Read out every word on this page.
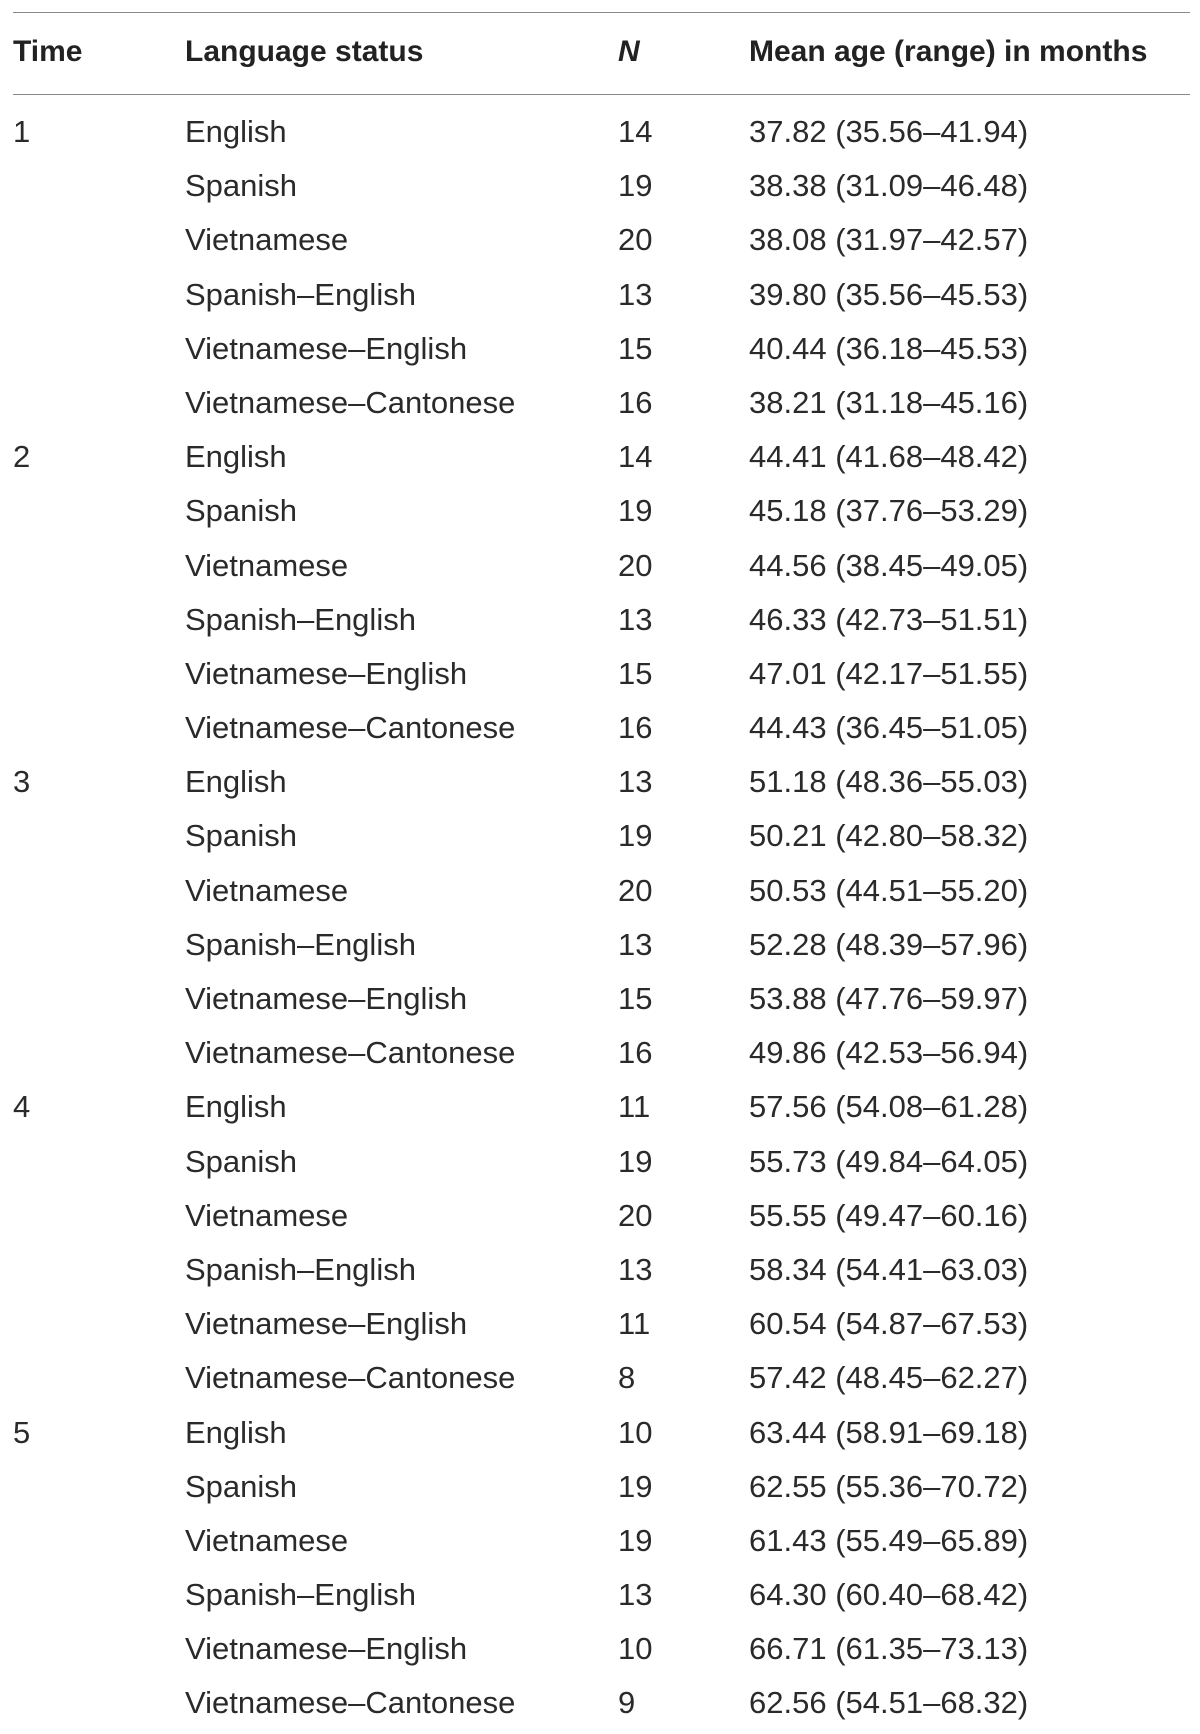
Time	Language status	N	Mean age (range) in months
1	English	14	37.82 (35.56–41.94)
Spanish	19	38.38 (31.09–46.48)
Vietnamese	20	38.08 (31.97–42.57)
Spanish–English	13	39.80 (35.56–45.53)
Vietnamese–English	15	40.44 (36.18–45.53)
Vietnamese–Cantonese	16	38.21 (31.18–45.16)
2	English	14	44.41 (41.68–48.42)
Spanish	19	45.18 (37.76–53.29)
Vietnamese	20	44.56 (38.45–49.05)
Spanish–English	13	46.33 (42.73–51.51)
Vietnamese–English	15	47.01 (42.17–51.55)
Vietnamese–Cantonese	16	44.43 (36.45–51.05)
3	English	13	51.18 (48.36–55.03)
Spanish	19	50.21 (42.80–58.32)
Vietnamese	20	50.53 (44.51–55.20)
Spanish–English	13	52.28 (48.39–57.96)
Vietnamese–English	15	53.88 (47.76–59.97)
Vietnamese–Cantonese	16	49.86 (42.53–56.94)
4	English	11	57.56 (54.08–61.28)
Spanish	19	55.73 (49.84–64.05)
Vietnamese	20	55.55 (49.47–60.16)
Spanish–English	13	58.34 (54.41–63.03)
Vietnamese–English	11	60.54 (54.87–67.53)
Vietnamese–Cantonese	8	57.42 (48.45–62.27)
5	English	10	63.44 (58.91–69.18)
Spanish	19	62.55 (55.36–70.72)
Vietnamese	19	61.43 (55.49–65.89)
Spanish–English	13	64.30 (60.40–68.42)
Vietnamese–English	10	66.71 (61.35–73.13)
Vietnamese–Cantonese	9	62.56 (54.51–68.32)
